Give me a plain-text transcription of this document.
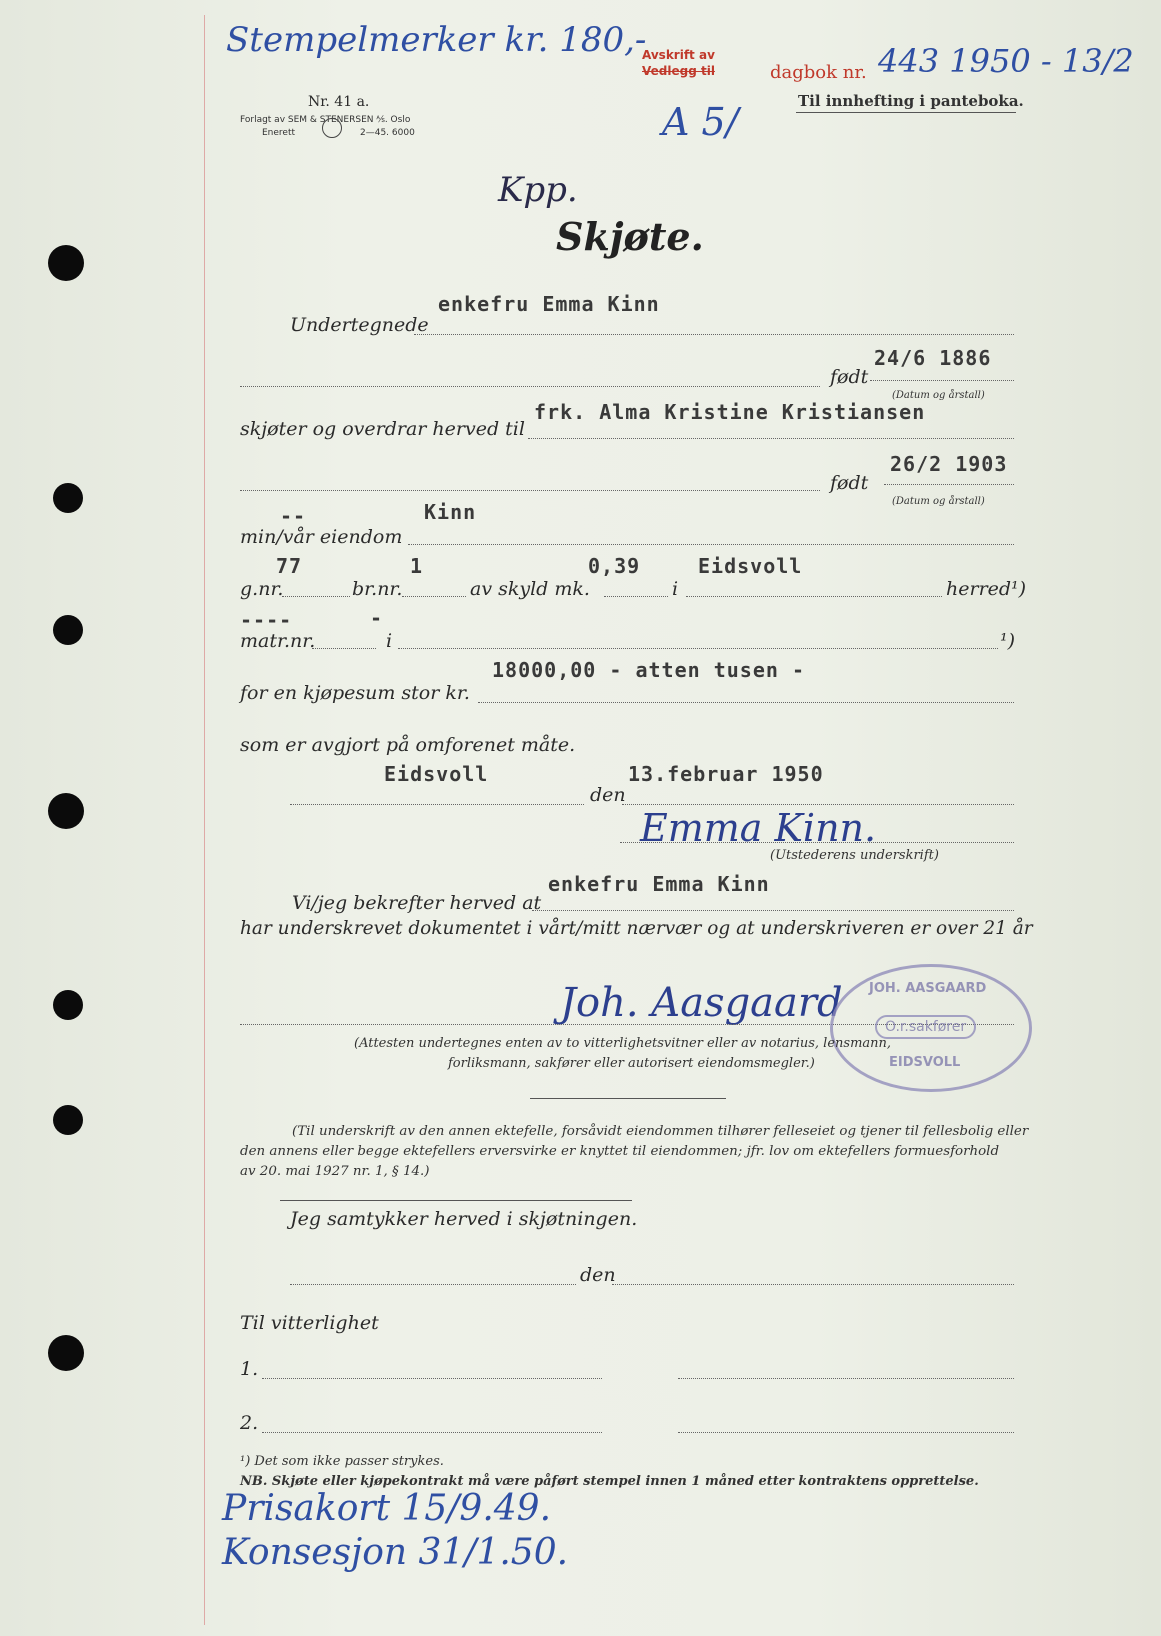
Stempelmerker kr. 180,-
Avskrift av
Vedlegg til	dagbok nr. 443 1950 - 13/2
Til innhefting i panteboka.
A 5/
Nr. 41 a.
Forlagt av SEM & STENERSEN ⅍. Oslo
Enerett	2—45. 6000
Kpp.
Skjøte.
enkefru Emma Kinn
Undertegnede
24/6 1886
født
(Datum og årstall)
frk. Alma Kristine Kristiansen
skjøter og overdrar herved til
26/2 1903
født
(Datum og årstall)
--	Kinn
min/vår eiendom
77	1	0,39	Eidsvoll
g.nr.	br.nr.	av skyld mk.	i	herred¹)
----	-
matr.nr.	i	¹)
18000,00 - atten tusen -
for en kjøpesum stor kr.
som er avgjort på omforenet måte.
Eidsvoll	13.februar 1950
den
Emma Kinn.
(Utstederens underskrift)
enkefru Emma Kinn
Vi/jeg bekrefter herved at
har underskrevet dokumentet i vårt/mitt nærvær og at underskriveren er over 21 år
Joh. Aasgaard JOH. AASGAARD
O.r.sakfører
EIDSVOLL
(Attesten undertegnes enten av to vitterlighetsvitner eller av notarius, lensmann,
forliksmann, sakfører eller autorisert eiendomsmegler.)
(Til underskrift av den annen ektefelle, forsåvidt eiendommen tilhører felleseiet og tjener til fellesbolig eller
den annens eller begge ektefellers erversvirke er knyttet til eiendommen; jfr. lov om ektefellers formuesforhold
av 20. mai 1927 nr. 1, § 14.)
Jeg samtykker herved i skjøtningen.
den
Til vitterlighet
1.
2.
¹) Det som ikke passer strykes.
NB. Skjøte eller kjøpekontrakt må være påført stempel innen 1 måned etter kontraktens opprettelse.
Prisakort 15/9.49.
Konsesjon 31/1.50.
